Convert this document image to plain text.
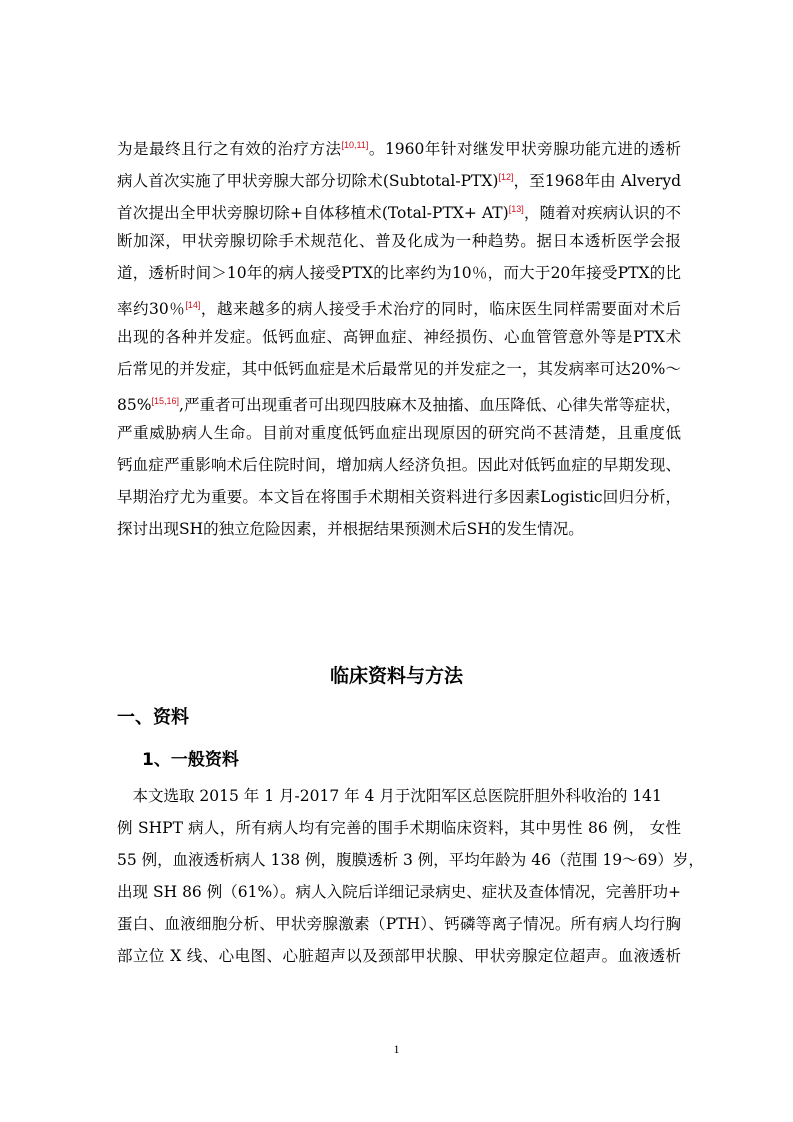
为是最终且行之有效的治疗方法[10,11]。1960年针对继发甲状旁腺功能亢进的透析
病人首次实施了甲状旁腺大部分切除术(Subtotal-PTX)[12]，至1968年由 Alveryd
首次提出全甲状旁腺切除+自体移植术(Total-PTX+ AT)[13]，随着对疾病认识的不
断加深，甲状旁腺切除手术规范化、普及化成为一种趋势。据日本透析医学会报
道，透析时间＞10年的病人接受PTX的比率约为10％，而大于20年接受PTX的比
率约30％[14]，越来越多的病人接受手术治疗的同时，临床医生同样需要面对术后
出现的各种并发症。低钙血症、高钾血症、神经损伤、心血管管意外等是PTX术
后常见的并发症，其中低钙血症是术后最常见的并发症之一，其发病率可达20%～
85%[15,16],严重者可出现重者可出现四肢麻木及抽搐、血压降低、心律失常等症状，
严重威胁病人生命。目前对重度低钙血症出现原因的研究尚不甚清楚，且重度低
钙血症严重影响术后住院时间，增加病人经济负担。因此对低钙血症的早期发现、
早期治疗尤为重要。本文旨在将围手术期相关资料进行多因素Logistic回归分析，
探讨出现SH的独立危险因素，并根据结果预测术后SH的发生情况。
临床资料与方法
一、资料
1、一般资料
　本文选取 2015 年 1 月-2017 年 4 月于沈阳军区总医院肝胆外科收治的 141
例 SHPT 病人，所有病人均有完善的围手术期临床资料，其中男性 86 例， 女性
55 例，血液透析病人 138 例，腹膜透析 3 例，平均年龄为 46（范围 19～69）岁，
出现 SH 86 例（61%）。病人入院后详细记录病史、症状及查体情况，完善肝功+
蛋白、血液细胞分析、甲状旁腺激素（PTH）、钙磷等离子情况。所有病人均行胸
部立位 X 线、心电图、心脏超声以及颈部甲状腺、甲状旁腺定位超声。血液透析
1
